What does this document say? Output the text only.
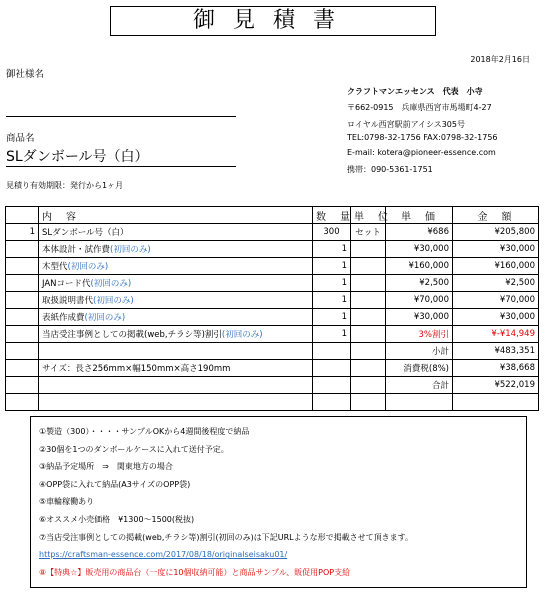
御見積書
2018年2月16日
御社様名
商品名
SLダンボール号（白）
見積り有効期限：発行から1ヶ月
クラフトマンエッセンス　代表　小寺
〒662-0915　兵庫県西宮市馬場町4-27
ロイヤル西宮駅前アイシス305号
TEL:0798-32-1756 FAX:0798-32-1756
E-mail: kotera@pioneer-essence.com
携帯：090-5361-1751
	内　容	数　量	単　位	単　価	金　額
1	SLダンボール号（白）	300	セット	¥686	¥205,800
	本体設計・試作費(初回のみ)	1		¥30,000	¥30,000
	木型代(初回のみ)	1		¥160,000	¥160,000
	JANコード代(初回のみ)	1		¥2,500	¥2,500
	取扱説明書代(初回のみ)	1		¥70,000	¥70,000
	表紙作成費(初回のみ)	1		¥30,000	¥30,000
	当店受注事例としての掲載(web,チラシ等)割引(初回のみ)	1		3%割引	¥-¥14,949
				小計	¥483,351
	サイズ：長さ256mm×幅150mm×高さ190mm			消費税(8%)	¥38,668
				合計	¥522,019

①製造（300）・・・・サンプルOKから4週間後程度で納品
②30個を1つのダンボールケースに入れて送付予定。
③納品予定場所　⇒　関東地方の場合
④OPP袋に入れて納品(A3サイズのOPP袋)
⑤車輪稼働あり
⑥オススメ小売価格　¥1300～1500(税抜)
⑦当店受注事例としての掲載(web,チラシ等)割引(初回のみ)は下記URLような形で掲載させて頂きます。
https://craftsman-essence.com/2017/08/18/originalseisaku01/
⑧【特典☆】販売用の商品台（一度に10個収納可能）と商品サンプル、販促用POP支給
